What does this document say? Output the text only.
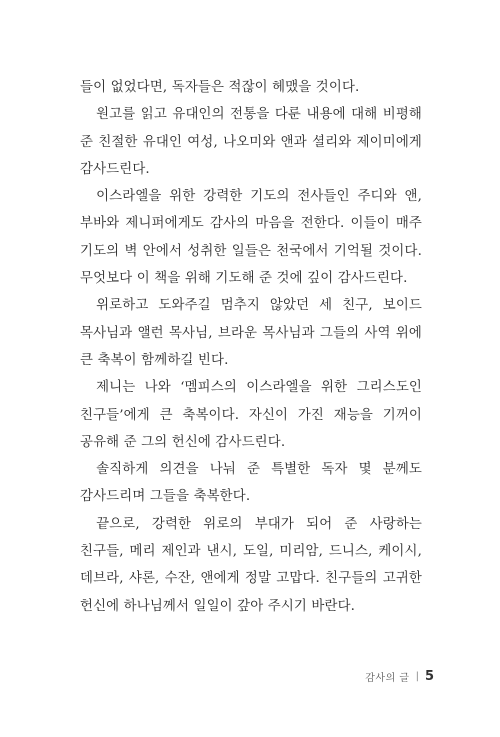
들이 없었다면, 독자들은 적잖이 헤맸을 것이다.

원고를 읽고 유대인의 전통을 다룬 내용에 대해 비평해 준 친절한 유대인 여성, 나오미와 앤과 셜리와 제이미에게 감사드린다.

이스라엘을 위한 강력한 기도의 전사들인 주디와 앤, 부바와 제니퍼에게도 감사의 마음을 전한다. 이들이 매주 기도의 벽 안에서 성취한 일들은 천국에서 기억될 것이다. 무엇보다 이 책을 위해 기도해 준 것에 깊이 감사드린다.

위로하고 도와주길 멈추지 않았던 세 친구, 보이드 목사님과 앨런 목사님, 브라운 목사님과 그들의 사역 위에 큰 축복이 함께하길 빈다.

제니는 나와 ‘멤피스의 이스라엘을 위한 그리스도인 친구들’에게 큰 축복이다. 자신이 가진 재능을 기꺼이 공유해 준 그의 헌신에 감사드린다.

솔직하게 의견을 나눠 준 특별한 독자 몇 분께도 감사드리며 그들을 축복한다.

끝으로, 강력한 위로의 부대가 되어 준 사랑하는 친구들, 메리 제인과 낸시, 도일, 미리암, 드니스, 케이시, 데브라, 샤론, 수잔, 앤에게 정말 고맙다. 친구들의 고귀한 헌신에 하나님께서 일일이 갚아 주시기 바란다.

감사의 글 | 5
